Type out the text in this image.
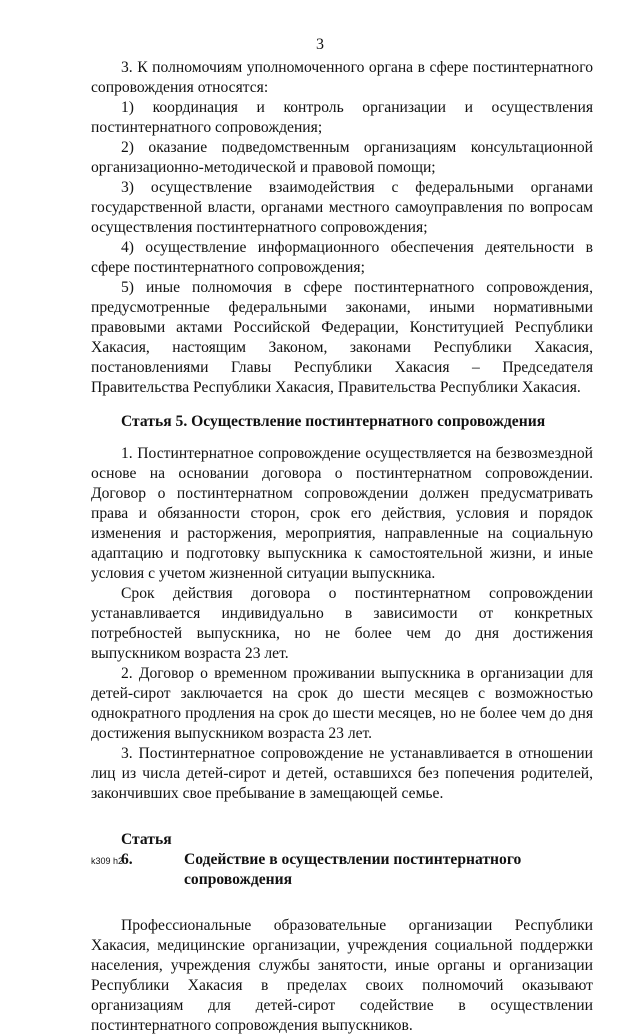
3

3. К полномочиям уполномоченного органа в сфере постинтернатного сопровождения относятся:

1) координация и контроль организации и осуществления постинтернатного сопровождения;

2) оказание подведомственным организациям консультационной организационно-методической и правовой помощи;

3) осуществление взаимодействия с федеральными органами государственной власти, органами местного самоуправления по вопросам осуществления постинтернатного сопровождения;

4) осуществление информационного обеспечения деятельности в сфере постинтернатного сопровождения;

5) иные полномочия в сфере постинтернатного сопровождения, предусмотренные федеральными законами, иными нормативными правовыми актами Российской Федерации, Конституцией Республики Хакасия, настоящим Законом, законами Республики Хакасия, постановлениями Главы Республики Хакасия – Председателя Правительства Республики Хакасия, Правительства Республики Хакасия.

Статья 5. Осуществление постинтернатного сопровождения

1. Постинтернатное сопровождение осуществляется на безвозмездной основе на основании договора о постинтернатном сопровождении. Договор о постинтернатном сопровождении должен предусматривать права и обязанности сторон, срок его действия, условия и порядок изменения и расторжения, мероприятия, направленные на социальную адаптацию и подготовку выпускника к самостоятельной жизни, и иные условия с учетом жизненной ситуации выпускника.

Срок действия договора о постинтернатном сопровождении устанавливается индивидуально в зависимости от конкретных потребностей выпускника, но не более чем до дня достижения выпускником возраста 23 лет.

2. Договор о временном проживании выпускника в организации для детей-сирот заключается на срок до шести месяцев с возможностью однократного продления на срок до шести месяцев, но не более чем до дня достижения выпускником возраста 23 лет.

3. Постинтернатное сопровождение не устанавливается в отношении лиц из числа детей-сирот и детей, оставшихся без попечения родителей, закончивших свое пребывание в замещающей семье.

Статья 6.	Содействие в осуществлении постинтернатного
сопровождения

Профессиональные образовательные организации Республики Хакасия, медицинские организации, учреждения социальной поддержки населения, учреждения службы занятости, иные органы и организации Республики Хакасия в пределах своих полномочий оказывают организациям для детей-сирот содействие в осуществлении постинтернатного сопровождения выпускников.

k309 h2
